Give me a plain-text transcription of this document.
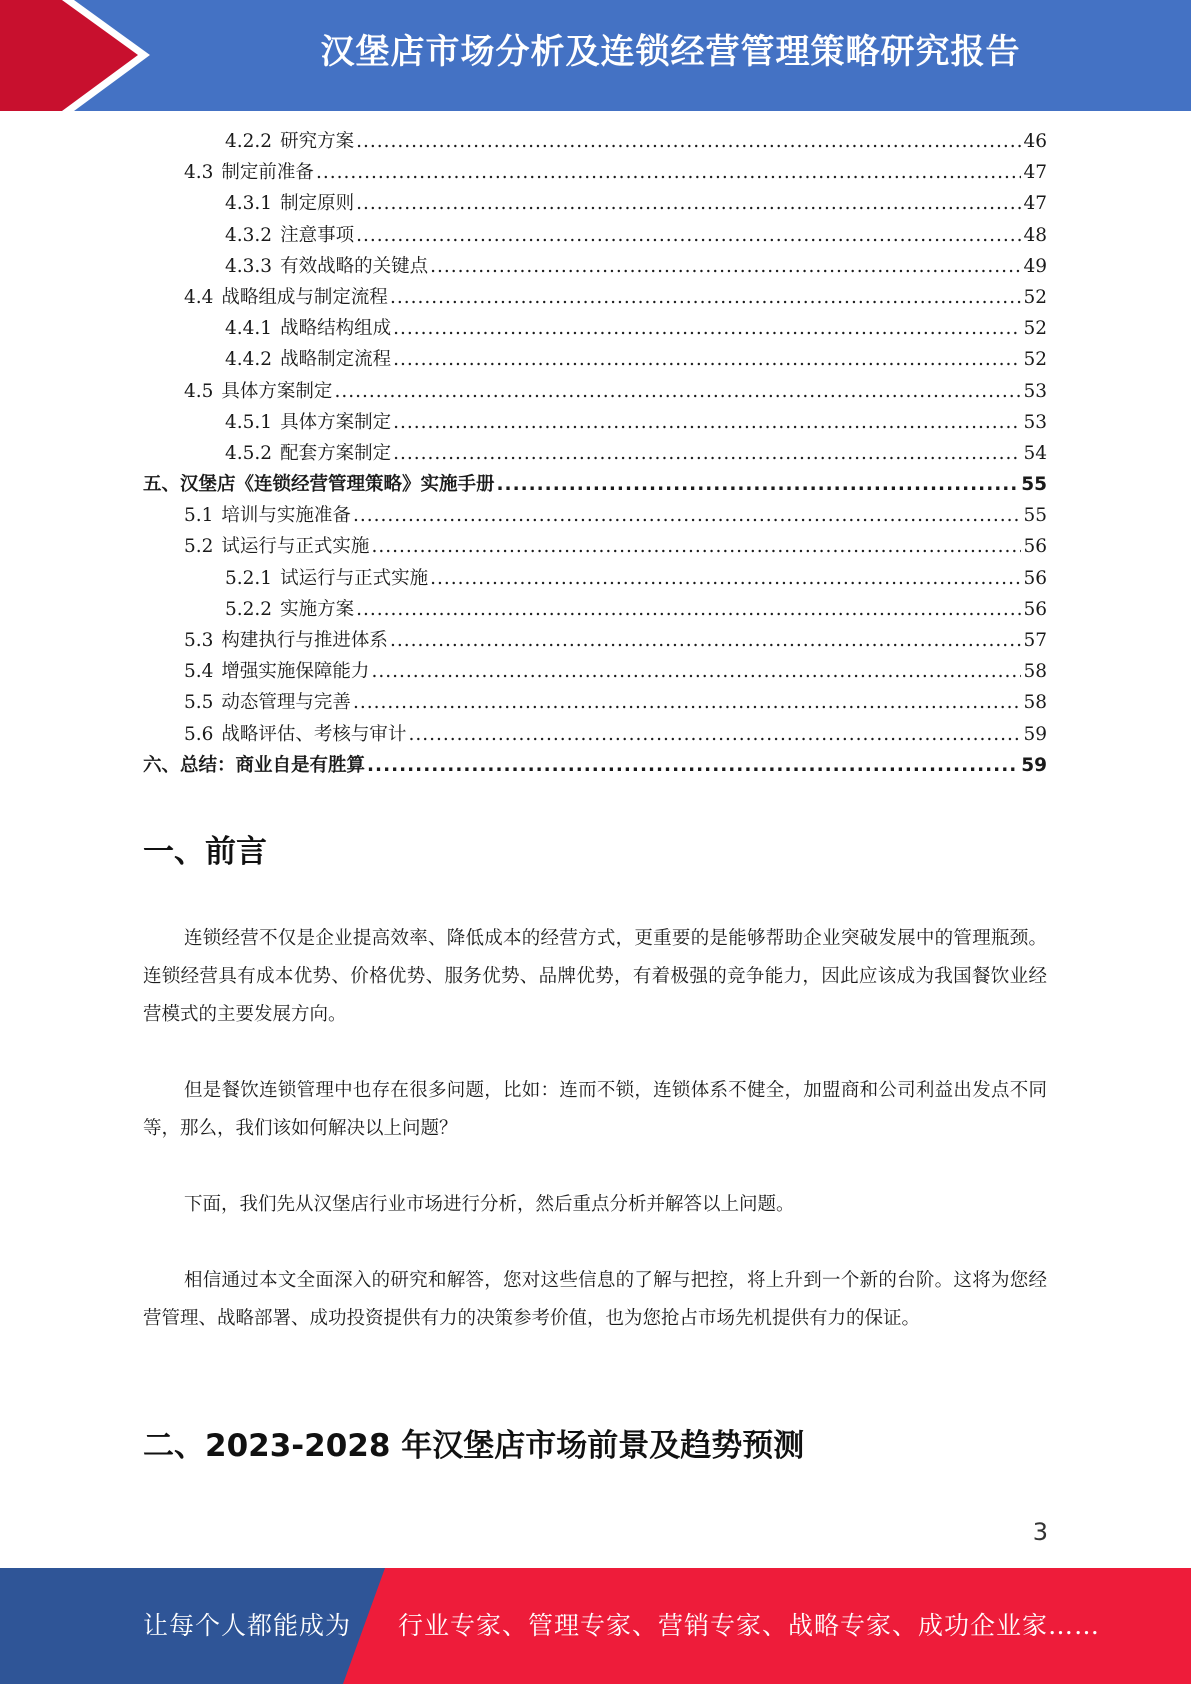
汉堡店市场分析及连锁经营管理策略研究报告
4.2.2 研究方案 .....	46
4.3 制定前准备 .....	47
4.3.1 制定原则 .....	47
4.3.2 注意事项 .....	48
4.3.3 有效战略的关键点 .....	49
4.4 战略组成与制定流程 .....	52
4.4.1 战略结构组成 .....	52
4.4.2 战略制定流程 .....	52
4.5 具体方案制定 .....	53
4.5.1 具体方案制定 .....	53
4.5.2 配套方案制定 .....	54
五、汉堡店《连锁经营管理策略》实施手册 .....	55
5.1 培训与实施准备 .....	55
5.2 试运行与正式实施 .....	56
5.2.1 试运行与正式实施 .....	56
5.2.2 实施方案 .....	56
5.3 构建执行与推进体系 .....	57
5.4 增强实施保障能力 .....	58
5.5 动态管理与完善 .....	58
5.6 战略评估、考核与审计 .....	59
六、总结：商业自是有胜算 .....	59
一、前言
连锁经营不仅是企业提高效率、降低成本的经营方式，更重要的是能够帮助企业突破发展中的管理瓶颈。连锁经营具有成本优势、价格优势、服务优势、品牌优势，有着极强的竞争能力，因此应该成为我国餐饮业经营模式的主要发展方向。
但是餐饮连锁管理中也存在很多问题，比如：连而不锁，连锁体系不健全，加盟商和公司利益出发点不同等，那么，我们该如何解决以上问题？
下面，我们先从汉堡店行业市场进行分析，然后重点分析并解答以上问题。
相信通过本文全面深入的研究和解答，您对这些信息的了解与把控，将上升到一个新的台阶。这将为您经营管理、战略部署、成功投资提供有力的决策参考价值，也为您抢占市场先机提供有力的保证。
二、2023-2028 年汉堡店市场前景及趋势预测
3
让每个人都能成为 行业专家、管理专家、营销专家、战略专家、成功企业家……
